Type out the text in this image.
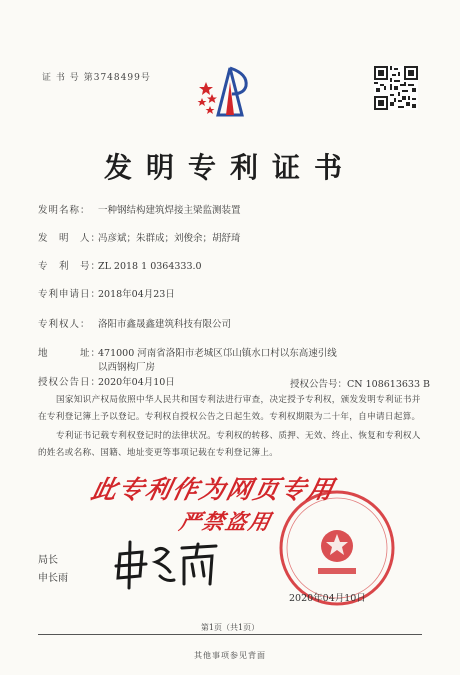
证 书 号 第3748499号
发明专利证书
发明名称： 一种钢结构建筑焊接主梁监测装置
发　明　人：冯彦斌；朱群成；刘俊余；胡舒琦
专　利　号：ZL 2018 1 0364333.0
专利申请日：2018年04月23日
专利权人： 洛阳市鑫晟鑫建筑科技有限公司
地　　　址：471000 河南省洛阳市老城区邙山镇水口村以东高速引线
以西钢构厂房
授权公告日：2020年04月10日	授权公告号：CN 108613633 B
国家知识产权局依照中华人民共和国专利法进行审查，决定授予专利权，颁发发明专利证书并在专利登记簿上予以登记。专利权自授权公告之日起生效。专利权期限为二十年，自申请日起算。
专利证书记载专利权登记时的法律状况。专利权的转移、质押、无效、终止、恢复和专利权人的姓名或名称、国籍、地址变更等事项记载在专利登记簿上。
此专利作为网页专用
严禁盗用
2020年04月10日
局长
申长雨
第1页（共1页）
其他事项参见背面
